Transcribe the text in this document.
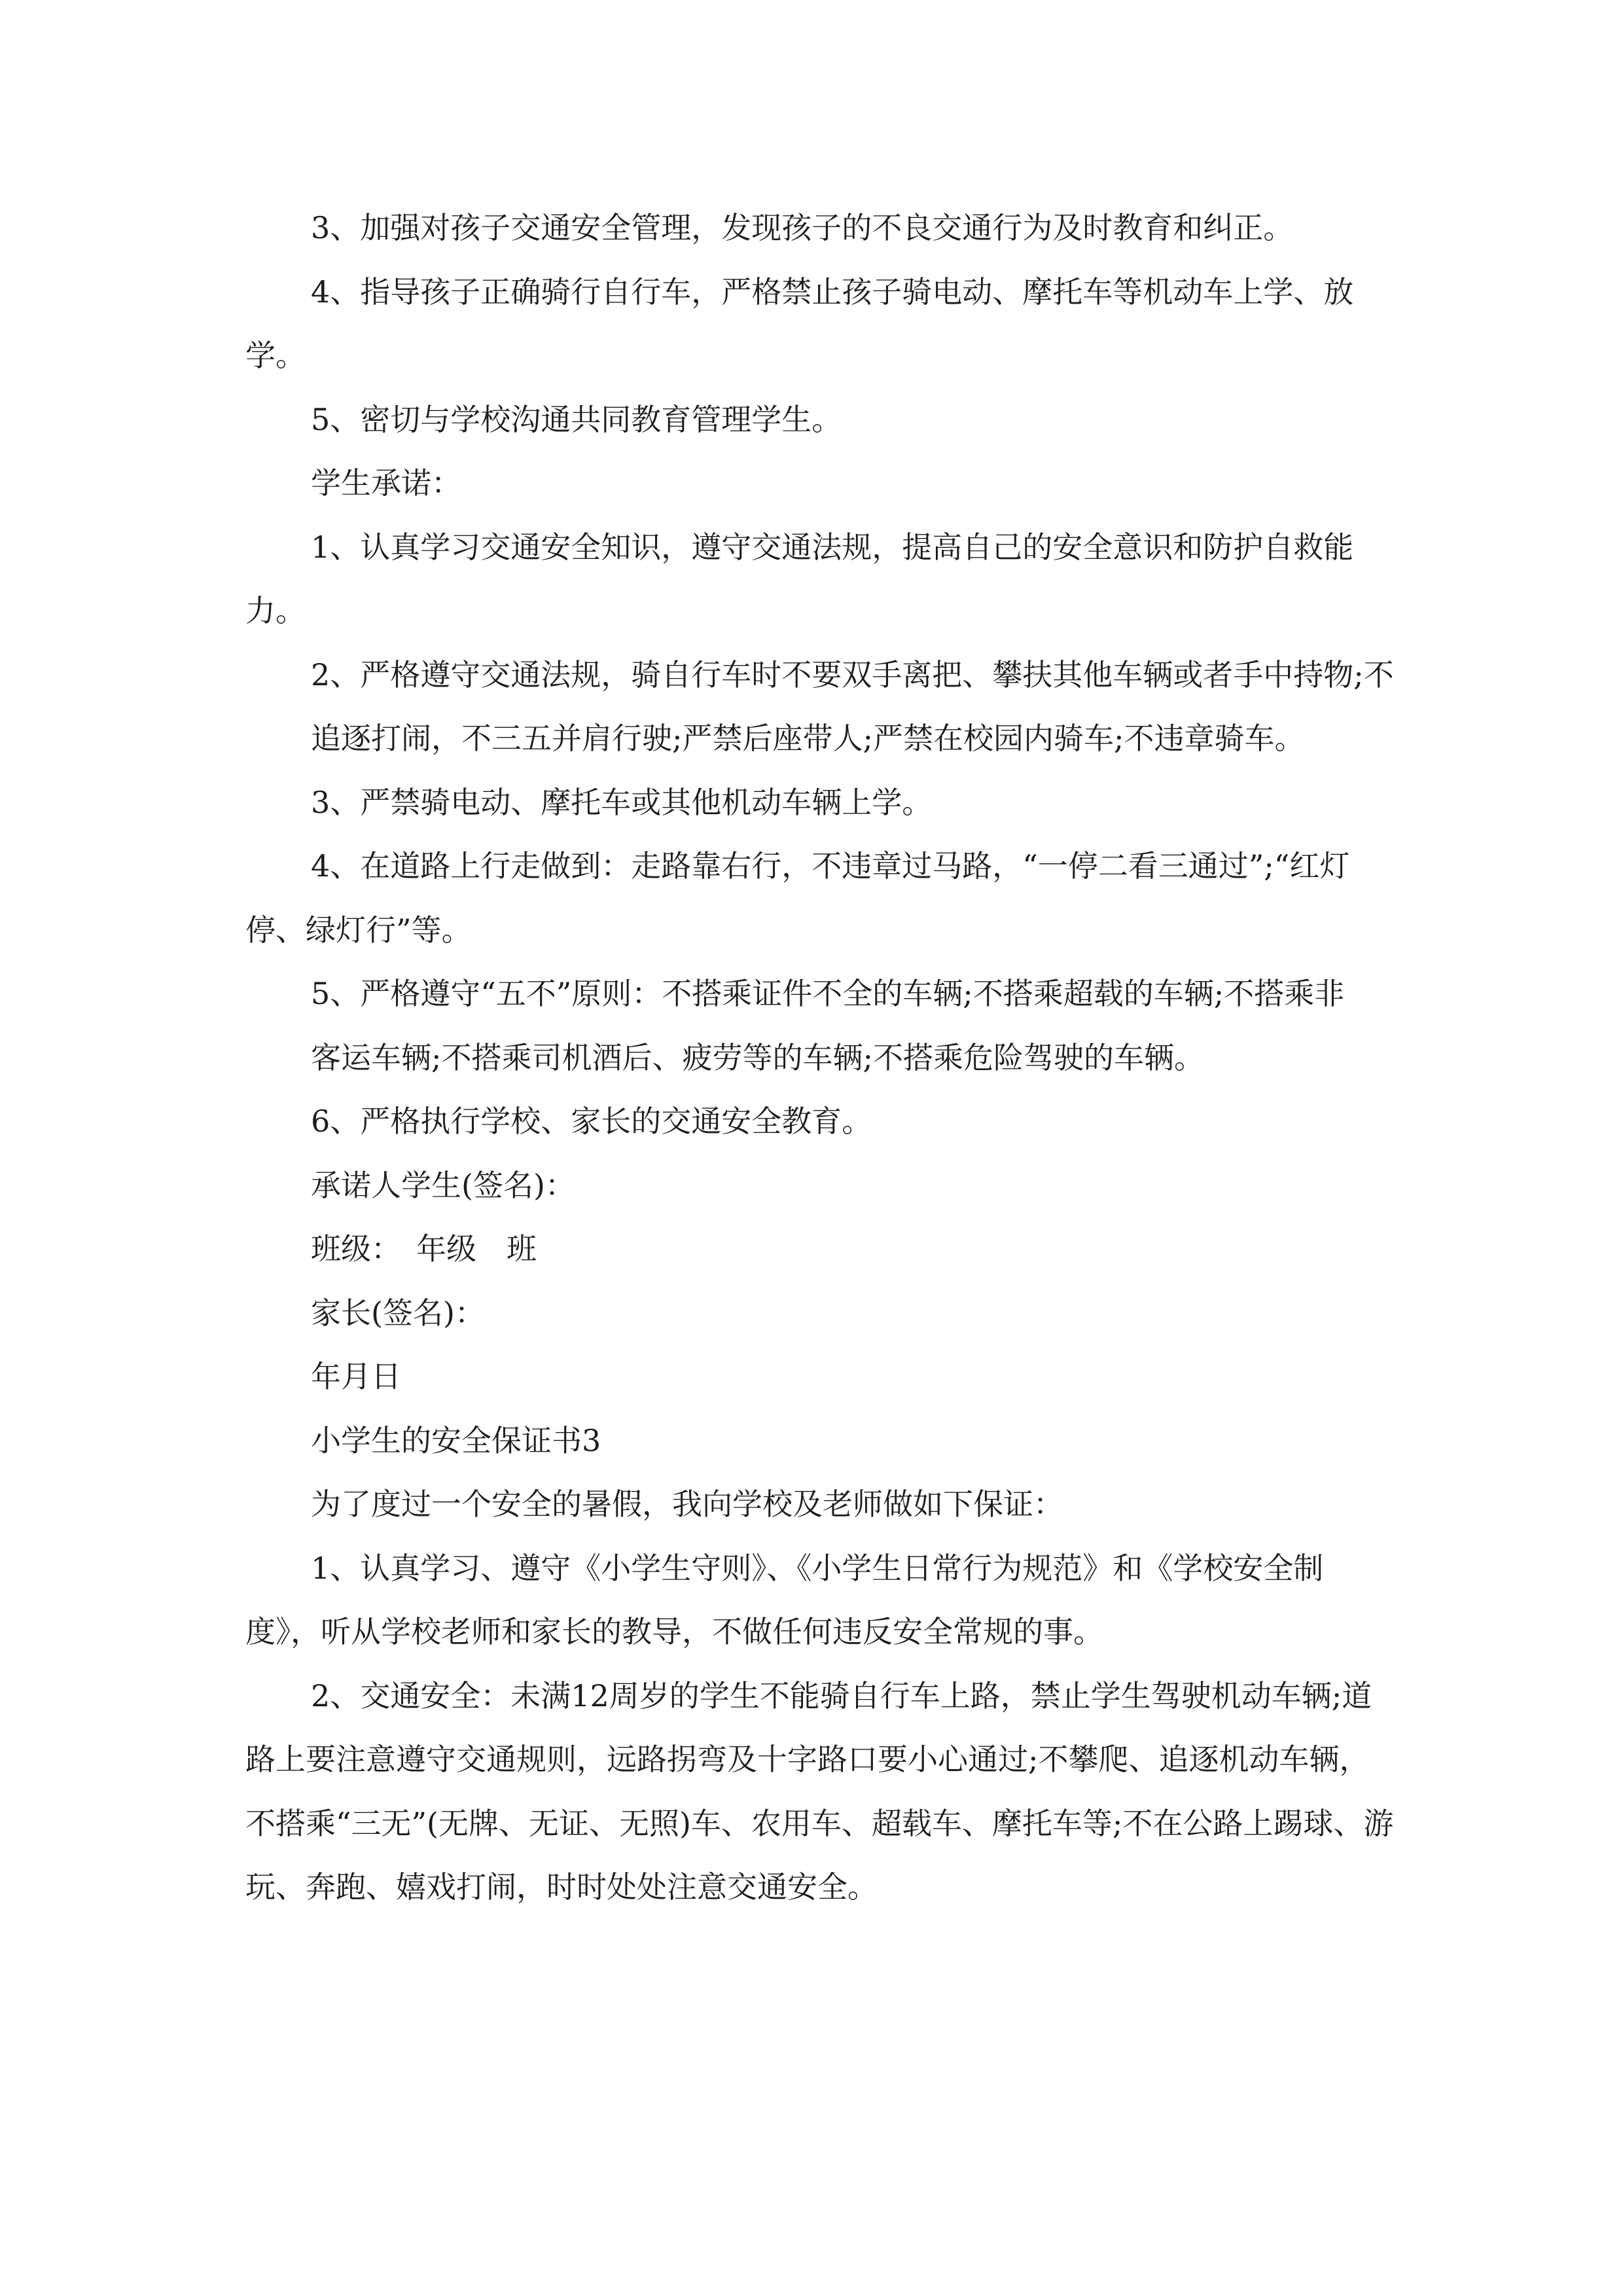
3、加强对孩子交通安全管理，发现孩子的不良交通行为及时教育和纠正。

4、指导孩子正确骑行自行车，严格禁止孩子骑电动、摩托车等机动车上学、放学。

5、密切与学校沟通共同教育管理学生。

学生承诺：

1、认真学习交通安全知识，遵守交通法规，提高自己的安全意识和防护自救能力。

2、严格遵守交通法规，骑自行车时不要双手离把、攀扶其他车辆或者手中持物;不

追逐打闹，不三五并肩行驶;严禁后座带人;严禁在校园内骑车;不违章骑车。

3、严禁骑电动、摩托车或其他机动车辆上学。

4、在道路上行走做到：走路靠右行，不违章过马路，“一停二看三通过”;“红灯停、绿灯行”等。

5、严格遵守“五不”原则：不搭乘证件不全的车辆;不搭乘超载的车辆;不搭乘非

客运车辆;不搭乘司机酒后、疲劳等的车辆;不搭乘危险驾驶的车辆。

6、严格执行学校、家长的交通安全教育。

承诺人学生(签名)：

班级：　年级　班

家长(签名)：

年月日

小学生的安全保证书3

为了度过一个安全的暑假，我向学校及老师做如下保证：

1、认真学习、遵守《小学生守则》、《小学生日常行为规范》和《学校安全制度》，听从学校老师和家长的教导，不做任何违反安全常规的事。

2、交通安全：未满12周岁的学生不能骑自行车上路，禁止学生驾驶机动车辆;道路上要注意遵守交通规则，远路拐弯及十字路口要小心通过;不攀爬、追逐机动车辆，不搭乘“三无”(无牌、无证、无照)车、农用车、超载车、摩托车等;不在公路上踢球、游玩、奔跑、嬉戏打闹，时时处处注意交通安全。
